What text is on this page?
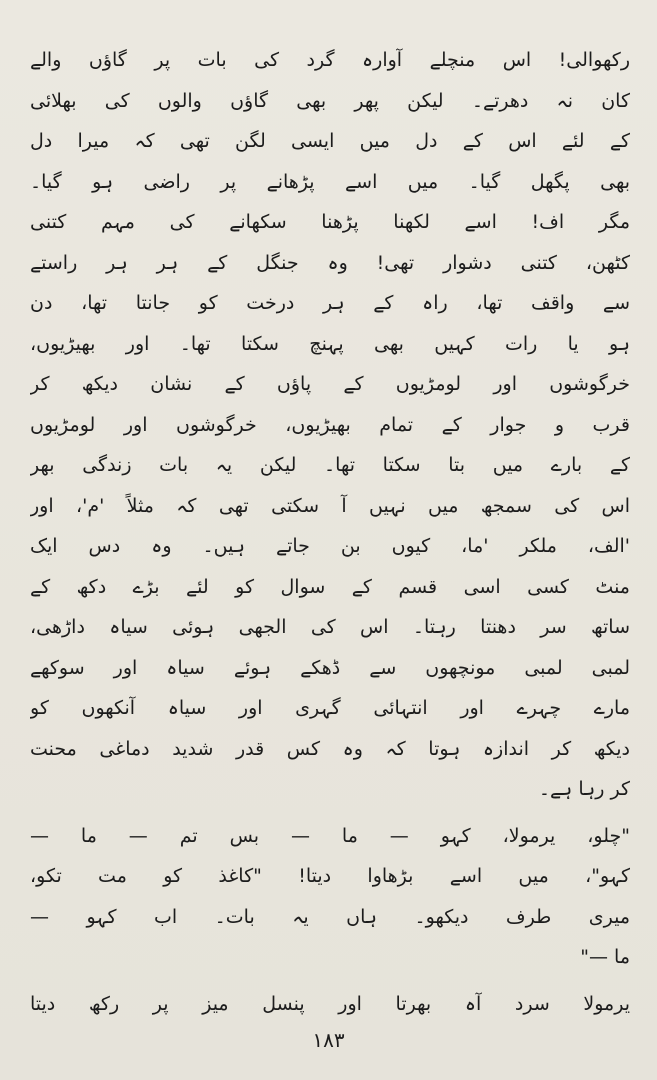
رکھوالی! اس منچلے آوارہ گرد کی بات پر گاؤں والے
کان نہ دھرتے۔ لیکن پھر بھی گاؤں والوں کی بھلائی
کے لئے اس کے دل میں ایسی لگن تھی کہ میرا دل
بھی پگھل گیا۔ میں اسے پڑھانے پر راضی ہو گیا۔
مگر اف! اسے لکھنا پڑھنا سکھانے کی مہم کتنی
کٹھن، کتنی دشوار تھی! وہ جنگل کے ہر ہر راستے
سے واقف تھا، راہ کے ہر درخت کو جانتا تھا، دن
ہو یا رات کہیں بھی پہنچ سکتا تھا۔ اور بھیڑیوں،
خرگوشوں اور لومڑیوں کے پاؤں کے نشان دیکھ کر
قرب و جوار کے تمام بھیڑیوں، خرگوشوں اور لومڑیوں
کے بارے میں بتا سکتا تھا۔ لیکن یہ بات زندگی بھر
اس کی سمجھ میں نہیں آ سکتی تھی کہ مثلاً 'م'، اور
'الف، ملکر 'ما، کیوں بن جاتے ہیں۔ وہ دس ایک
منٹ کسی اسی قسم کے سوال کو لئے بڑے دکھ کے
ساتھ سر دھنتا رہتا۔ اس کی الجھی ہوئی سیاہ داڑھی،
لمبی لمبی مونچھوں سے ڈھکے ہوئے سیاہ اور سوکھے
مارے چہرے اور انتہائی گہری اور سیاہ آنکھوں کو
دیکھ کر اندازہ ہوتا کہ وہ کس قدر شدید دماغی محنت
کر رہا ہے۔
"چلو، یرمولا، کہو — ما — بس تم — ما —
کہو"، میں اسے بڑھاوا دیتا! "کاغذ کو مت تکو،
میری طرف دیکھو۔ ہاں یہ بات۔ اب کہو —
ما —"
یرمولا سرد آہ بھرتا اور پنسل میز پر رکھ دیتا
۱۸۳
